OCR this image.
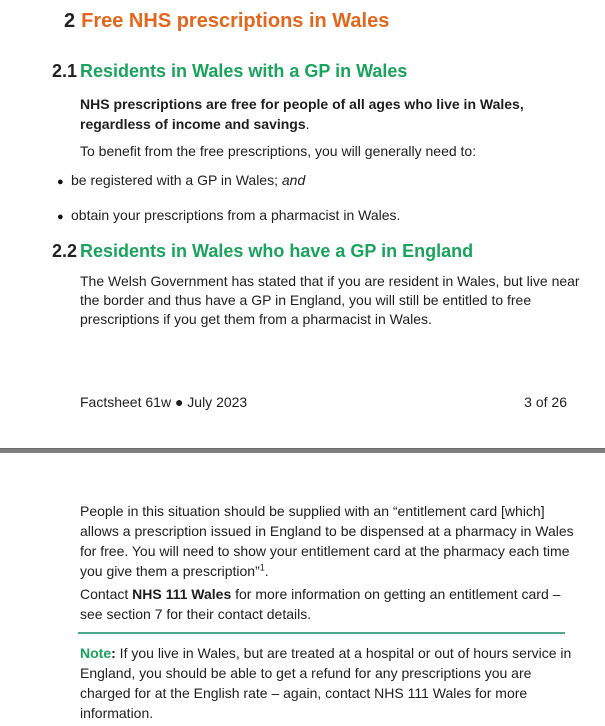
2 Free NHS prescriptions in Wales
2.1 Residents in Wales with a GP in Wales

NHS prescriptions are free for people of all ages who live in Wales, regardless of income and savings.

To benefit from the free prescriptions, you will generally need to:

● be registered with a GP in Wales; and
● obtain your prescriptions from a pharmacist in Wales.
2.2 Residents in Wales who have a GP in England

The Welsh Government has stated that if you are resident in Wales, but live near the border and thus have a GP in England, you will still be entitled to free prescriptions if you get them from a pharmacist in Wales.

Factsheet 61w ● July 2023	3 of 26

People in this situation should be supplied with an “entitlement card [which] allows a prescription issued in England to be dispensed at a pharmacy in Wales for free. You will need to show your entitlement card at the pharmacy each time you give them a prescription”$^1$.

Contact NHS 111 Wales for more information on getting an entitlement card – see section 7 for their contact details.

Note: If you live in Wales, but are treated at a hospital or out of hours service in England, you should be able to get a refund for any prescriptions you are charged for at the English rate – again, contact NHS 111 Wales for more information.
